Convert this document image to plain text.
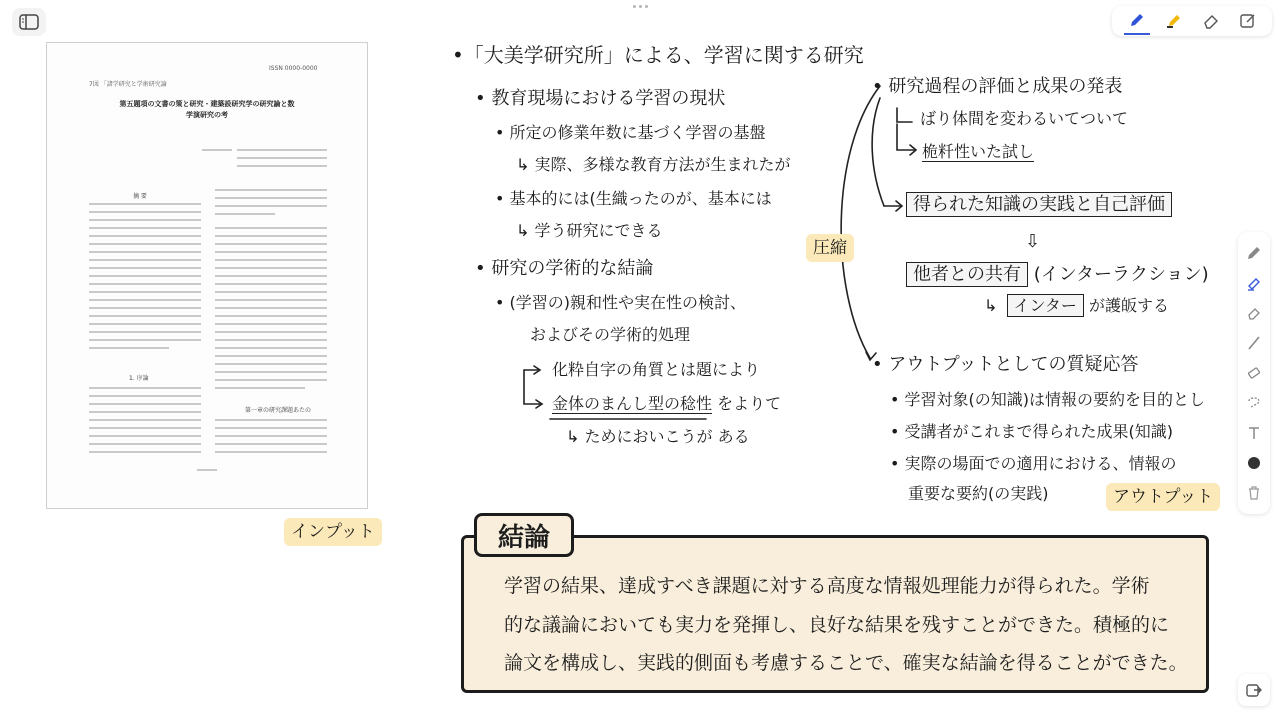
7図 「諸学研究と学術研究論
ISSN 0000-0000
第五題項の文書の策と研究・建築設研究学の研究論と数学演研究の考
摘 要
1. 序論
第一章の研究課題あたの
インプット
•「大美学研究所」による、学習に関する研究
• 教育現場における学習の現状
• 所定の修業年数に基づく学習の基盤
↳ 実際、多様な教育方法が生まれたが
• 基本的には(生織ったのが、基本には
↳ 学う研究にできる
• 研究の学術的な結論
• (学習の)親和性や実在性の検討、
およびその学術的処理
化粋自字の角質とは題により
金体のまんし型の稔性 をよりて
↳ ためにおいこうが ある
圧縮
• 研究過程の評価と成果の発表
ばり体間を変わるいてついて
桅粁性いた試し
得られた知識の実践と自己評価
⇩
他者との共有 (インターラクション)
↳ インター が護皈する
• アウトプットとしての質疑応答
• 学習対象(の知識)は情報の要約を目的とし
• 受講者がこれまで得られた成果(知識)
• 実際の場面での適用における、情報の
重要な要約(の実践)	アウトプット
結論
学習の結果、達成すべき課題に対する高度な情報処理能力が得られた。学術
的な議論においても実力を発揮し、良好な結果を残すことができた。積極的に
論文を構成し、実践的側面も考慮することで、確実な結論を得ることができた。
